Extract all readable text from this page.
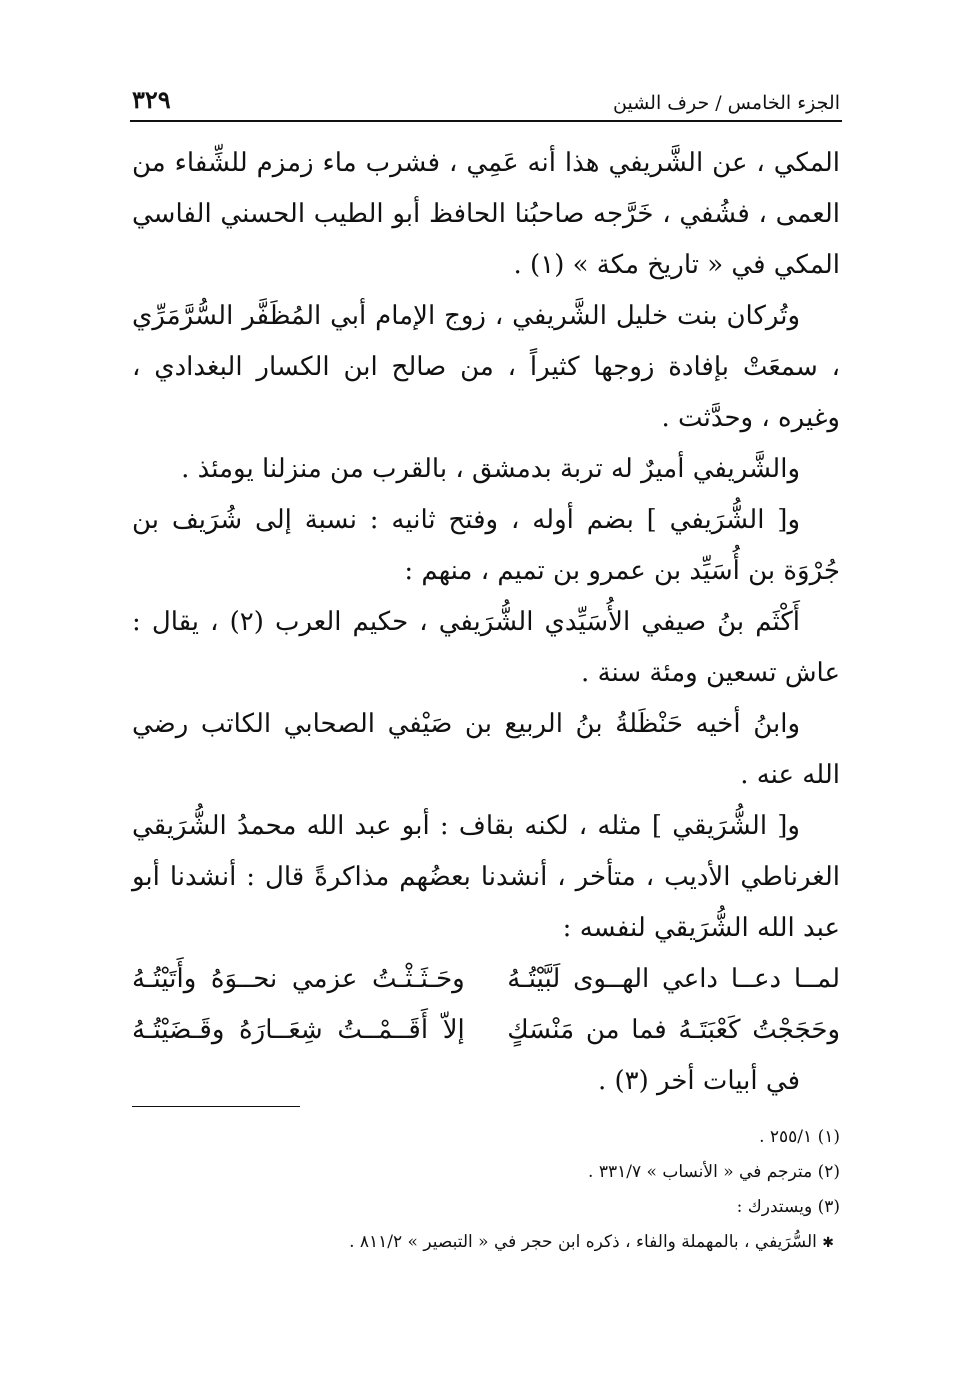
الجزء الخامس / حرف الشين
٣٢٩

المكي ، عن الشَّريفي هذا أنه عَمِي ، فشرب ماء زمزم للشِّفاء من العمى ، فشُفي ، خَرَّجه صاحبُنا الحافظ أبو الطيب الحسني الفاسي المكي في « تاريخ مكة » (١) .

وتُركان بنت خليل الشَّريفي ، زوج الإمام أبي المُظَفَّر السُّرَّمَرِّي ، سمعَتْ بإفادة زوجها كثيراً ، من صالح ابن الكسار البغدادي ، وغيره ، وحدَّثت .

والشَّريفي أميرٌ له تربة بدمشق ، بالقرب من منزلنا يومئذ .

و[ الشُّرَيفي ] بضم أوله ، وفتح ثانيه : نسبة إلى شُرَيف بن جُرْوَة بن أُسَيِّد بن عمرو بن تميم ، منهم :

أَكْثَم بنُ صيفي الأُسَيِّدي الشُّرَيفي ، حكيم العرب (٢) ، يقال : عاش تسعين ومئة سنة .

وابنُ أخيه حَنْظَلةُ بنُ الربيع بن صَيْفي الصحابي الكاتب رضي الله عنه .

و[ الشُّرَيقي ] مثله ، لكنه بقاف : أبو عبد الله محمدُ الشُّرَيقي الغرناطي الأديب ، متأخر ، أنشدنا بعضُهم مذاكرةً قال : أنشدنا أبو عبد الله الشُّرَيقي لنفسه :

لمــا دعــا داعي الهــوى لَبَّيْتُـهُ
وحَـثَـثْـتُ عزمي نحــوَهُ وأَتَيْتُـهُ
وحَجَجْتُ كَعْبَتَـهُ فما من مَنْسَكٍ
إلاّ أَقَــمْــتُ شِعَــارَهُ وقَـضَيْتُـهُ

في أبيات أخر (٣) .

(١) ٢٥٥/١ .

(٢) مترجم في « الأنساب » ٣٣١/٧ .

(٣) ويستدرك :

✱ السُّرَيفي ، بالمهملة والفاء ، ذكره ابن حجر في « التبصير » ٨١١/٢ .
